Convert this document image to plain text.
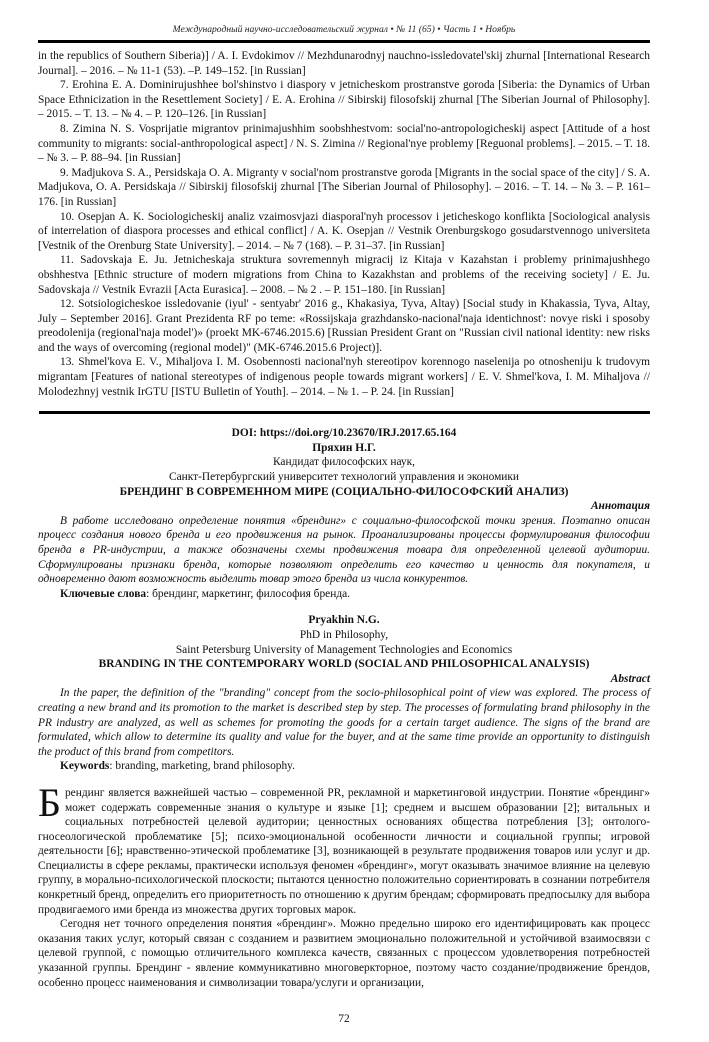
Международный научно-исследовательский журнал • № 11 (65) • Часть 1 • Ноябрь

in the republics of Southern Siberia)] / A. I. Evdokimov // Mezhdunarodnyj nauchno-issledovatel'skij zhurnal [International Research Journal]. – 2016. – № 11-1 (53). –P. 149–152. [in Russian]

7. Erohina E. A. Dominirujushhee bol'shinstvo i diaspory v jetnicheskom prostranstve goroda [Siberia: the Dynamics of Urban Space Ethnicization in the Resettlement Society] / E. A. Erohina // Sibirskij filosofskij zhurnal [The Siberian Journal of Philosophy]. – 2015. – T. 13. – № 4. – P. 120–126. [in Russian]

8. Zimina N. S. Vosprijatie migrantov prinimajushhim soobshhestvom: social'no-antropologicheskij aspect [Attitude of a host community to migrants: social-anthropological aspect] / N. S. Zimina // Regional'nye problemy [Reguonal problems]. – 2015. – T. 18. – № 3. – P. 88–94. [in Russian]

9. Madjukova S. A., Persidskaja O. A. Migranty v social'nom prostranstve goroda [Migrants in the social space of the city] / S. A. Madjukova, O. A. Persidskaja // Sibirskij filosofskij zhurnal [The Siberian Journal of Philosophy]. – 2016. – T. 14. – № 3. – P. 161–176. [in Russian]

10. Osepjan A. K. Sociologicheskij analiz vzaimosvjazi diasporal'nyh processov i jeticheskogo konflikta [Sociological analysis of interrelation of diaspora processes and ethical conflict] / A. K. Osepjan // Vestnik Orenburgskogo gosudarstvennogo universiteta [Vestnik of the Orenburg State University]. – 2014. – № 7 (168). – P. 31–37. [in Russian]

11. Sadovskaja E. Ju. Jetnicheskaja struktura sovremennyh migracij iz Kitaja v Kazahstan i problemy prinimajushhego obshhestva [Ethnic structure of modern migrations from China to Kazakhstan and problems of the receiving society] / E. Ju. Sadovskaja // Vestnik Evrazii [Acta Eurasica]. – 2008. – № 2 . – P. 151–180. [in Russian]

12. Sotsiologicheskoe issledovanie (iyul' - sentyabr' 2016 g., Khakasiya, Tyva, Altay) [Social study in Khakassia, Tyva, Altay, July – September 2016]. Grant Prezidenta RF po teme: «Rossijskaja grazhdansko-nacional'naja identichnost': novye riski i sposoby preodolenija (regional'naja model')» (proekt MK-6746.2015.6) [Russian President Grant on "Russian civil national identity: new risks and the ways of overcoming (regional model)" (MK-6746.2015.6 Project)].

13. Shmel'kova E. V., Mihaljova I. M. Osobennosti nacional'nyh stereotipov korennogo naselenija po otnosheniju k trudovym migrantam [Features of national stereotypes of indigenous people towards migrant workers] / E. V. Shmel'kova, I. M. Mihaljova // Molodezhnyj vestnik IrGTU [ISTU Bulletin of Youth]. – 2014. – № 1. – P. 24. [in Russian]

DOI: https://doi.org/10.23670/IRJ.2017.65.164

Пряхин Н.Г.

Кандидат философских наук,

Санкт-Петербургский университет технологий управления и экономики

БРЕНДИНГ В СОВРЕМЕННОМ МИРЕ (СОЦИАЛЬНО-ФИЛОСОФСКИЙ АНАЛИЗ)

Аннотация

В работе исследовано определение понятия «брендинг» с социально-философской точки зрения. Поэтапно описан процесс создания нового бренда и его продвижения на рынок. Проанализированы процессы формулирования философии бренда в PR-индустрии, а также обозначены схемы продвижения товара для определенной целевой аудитории. Сформулированы признаки бренда, которые позволяют определить его качество и ценность для покупателя, и одновременно дают возможность выделить товар этого бренда из числа конкурентов.

Ключевые слова: брендинг, маркетинг, философия бренда.

Pryakhin N.G.

PhD in Philosophy,

Saint Petersburg University of Management Technologies and Economics

BRANDING IN THE CONTEMPORARY WORLD (SOCIAL AND PHILOSOPHICAL ANALYSIS)

Abstract

In the paper, the definition of the "branding" concept from the socio-philosophical point of view was explored. The process of creating a new brand and its promotion to the market is described step by step. The processes of formulating brand philosophy in the PR industry are analyzed, as well as schemes for promoting the goods for a certain target audience. The signs of the brand are formulated, which allow to determine its quality and value for the buyer, and at the same time provide an opportunity to distinguish the product of this brand from competitors.

Keywords: branding, marketing, brand philosophy.

Брендинг является важнейшей частью – современной PR, рекламной и маркетинговой индустрии. Понятие «брендинг» может содержать современные знания о культуре и языке [1]; среднем и высшем образовании [2]; витальных и социальных потребностей целевой аудитории; ценностных основаниях общества потребления [3]; онтолого-гносеологической проблематике [5]; психо-эмоциональной особенности личности и социальной группы; игровой деятельности [6]; нравственно-этической проблематике [3], возникающей в результате продвижения товаров или услуг и др. Специалисты в сфере рекламы, практически используя феномен «брендинг», могут оказывать значимое влияние на целевую группу, в морально-психологической плоскости; пытаются ценностно положительно сориентировать в сознании потребителя конкретный бренд, определить его приоритетность по отношению к другим брендам; сформировать предпосылку для выбора продвигаемого ими бренда из множества других торговых марок.

Сегодня нет точного определения понятия «брендинг». Можно предельно широко его идентифицировать как процесс оказания таких услуг, который связан с созданием и развитием эмоционально положительной и устойчивой взаимосвязи с целевой группой, с помощью отличительного комплекса качеств, связанных с процессом удовлетворения потребностей указанной группы. Брендинг - явление коммуникативно многоверкторное, поэтому часто создание/продвижение брендов, особенно процесс наименования и символизации товара/услуги и организации,

72
